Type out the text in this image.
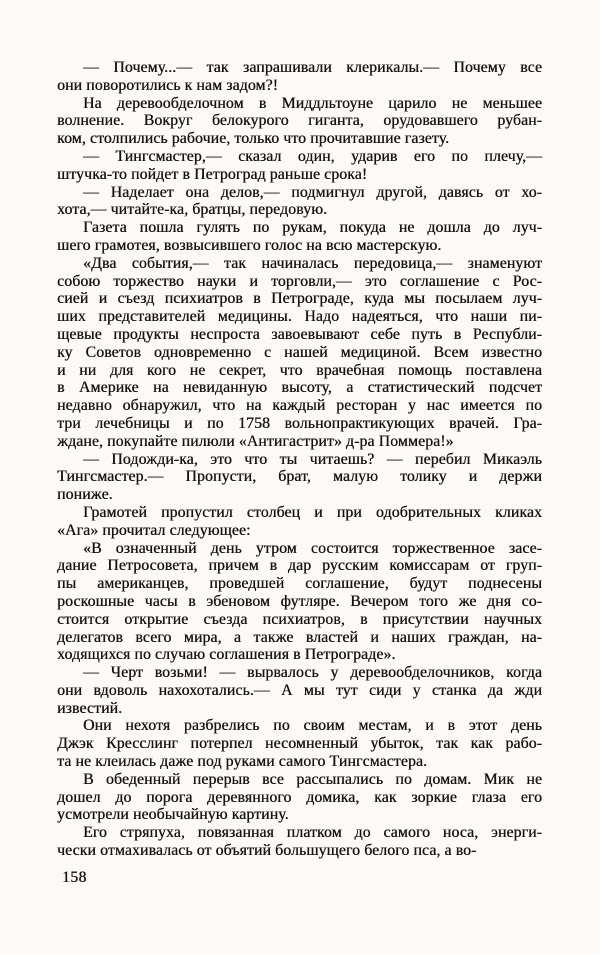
— Почему...— так запрашивали клерикалы.— Почему все
они поворотились к нам задом?!
На деревообделочном в Миддльтоуне царило не меньшее
волнение. Вокруг белокурого гиганта, орудовавшего рубан-
ком, столпились рабочие, только что прочитавшие газету.
— Тингсмастер,— сказал один, ударив его по плечу,—
штучка-то пойдет в Петроград раньше срока!
— Наделает она делов,— подмигнул другой, давясь от хо-
хота,— читайте-ка, братцы, передовую.
Газета пошла гулять по рукам, покуда не дошла до луч-
шего грамотея, возвысившего голос на всю мастерскую.
«Два события,— так начиналась передовица,— знаменуют
собою торжество науки и торговли,— это соглашение с Рос-
сией и съезд психиатров в Петрограде, куда мы посылаем луч-
ших представителей медицины. Надо надеяться, что наши пи-
щевые продукты неспроста завоевывают себе путь в Республи-
ку Советов одновременно с нашей медициной. Всем известно
и ни для кого не секрет, что врачебная помощь поставлена
в Америке на невиданную высоту, а статистический подсчет
недавно обнаружил, что на каждый ресторан у нас имеется по
три лечебницы и по 1758 вольнопрактикующих врачей. Гра-
ждане, покупайте пилюли «Антигастрит» д-ра Поммера!»
— Подожди-ка, это что ты читаешь? — перебил Микаэль
Тингсмастер.— Пропусти, брат, малую толику и держи
пониже.
Грамотей пропустил столбец и при одобрительных кликах
«Ага» прочитал следующее:
«В означенный день утром состоится торжественное засе-
дание Петросовета, причем в дар русским комиссарам от груп-
пы американцев, проведшей соглашение, будут поднесены
роскошные часы в эбеновом футляре. Вечером того же дня со-
стоится открытие съезда психиатров, в присутствии научных
делегатов всего мира, а также властей и наших граждан, на-
ходящихся по случаю соглашения в Петрограде».
— Черт возьми! — вырвалось у деревообделочников, когда
они вдоволь нахохотались.— А мы тут сиди у станка да жди
известий.
Они нехотя разбрелись по своим местам, и в этот день
Джэк Кресслинг потерпел несомненный убыток, так как рабо-
та не клеилась даже под руками самого Тингсмастера.
В обеденный перерыв все рассыпались по домам. Мик не
дошел до порога деревянного домика, как зоркие глаза его
усмотрели необычайную картину.
Его стряпуха, повязанная платком до самого носа, энерги-
чески отмахивалась от объятий большущего белого пса, а во-
158
